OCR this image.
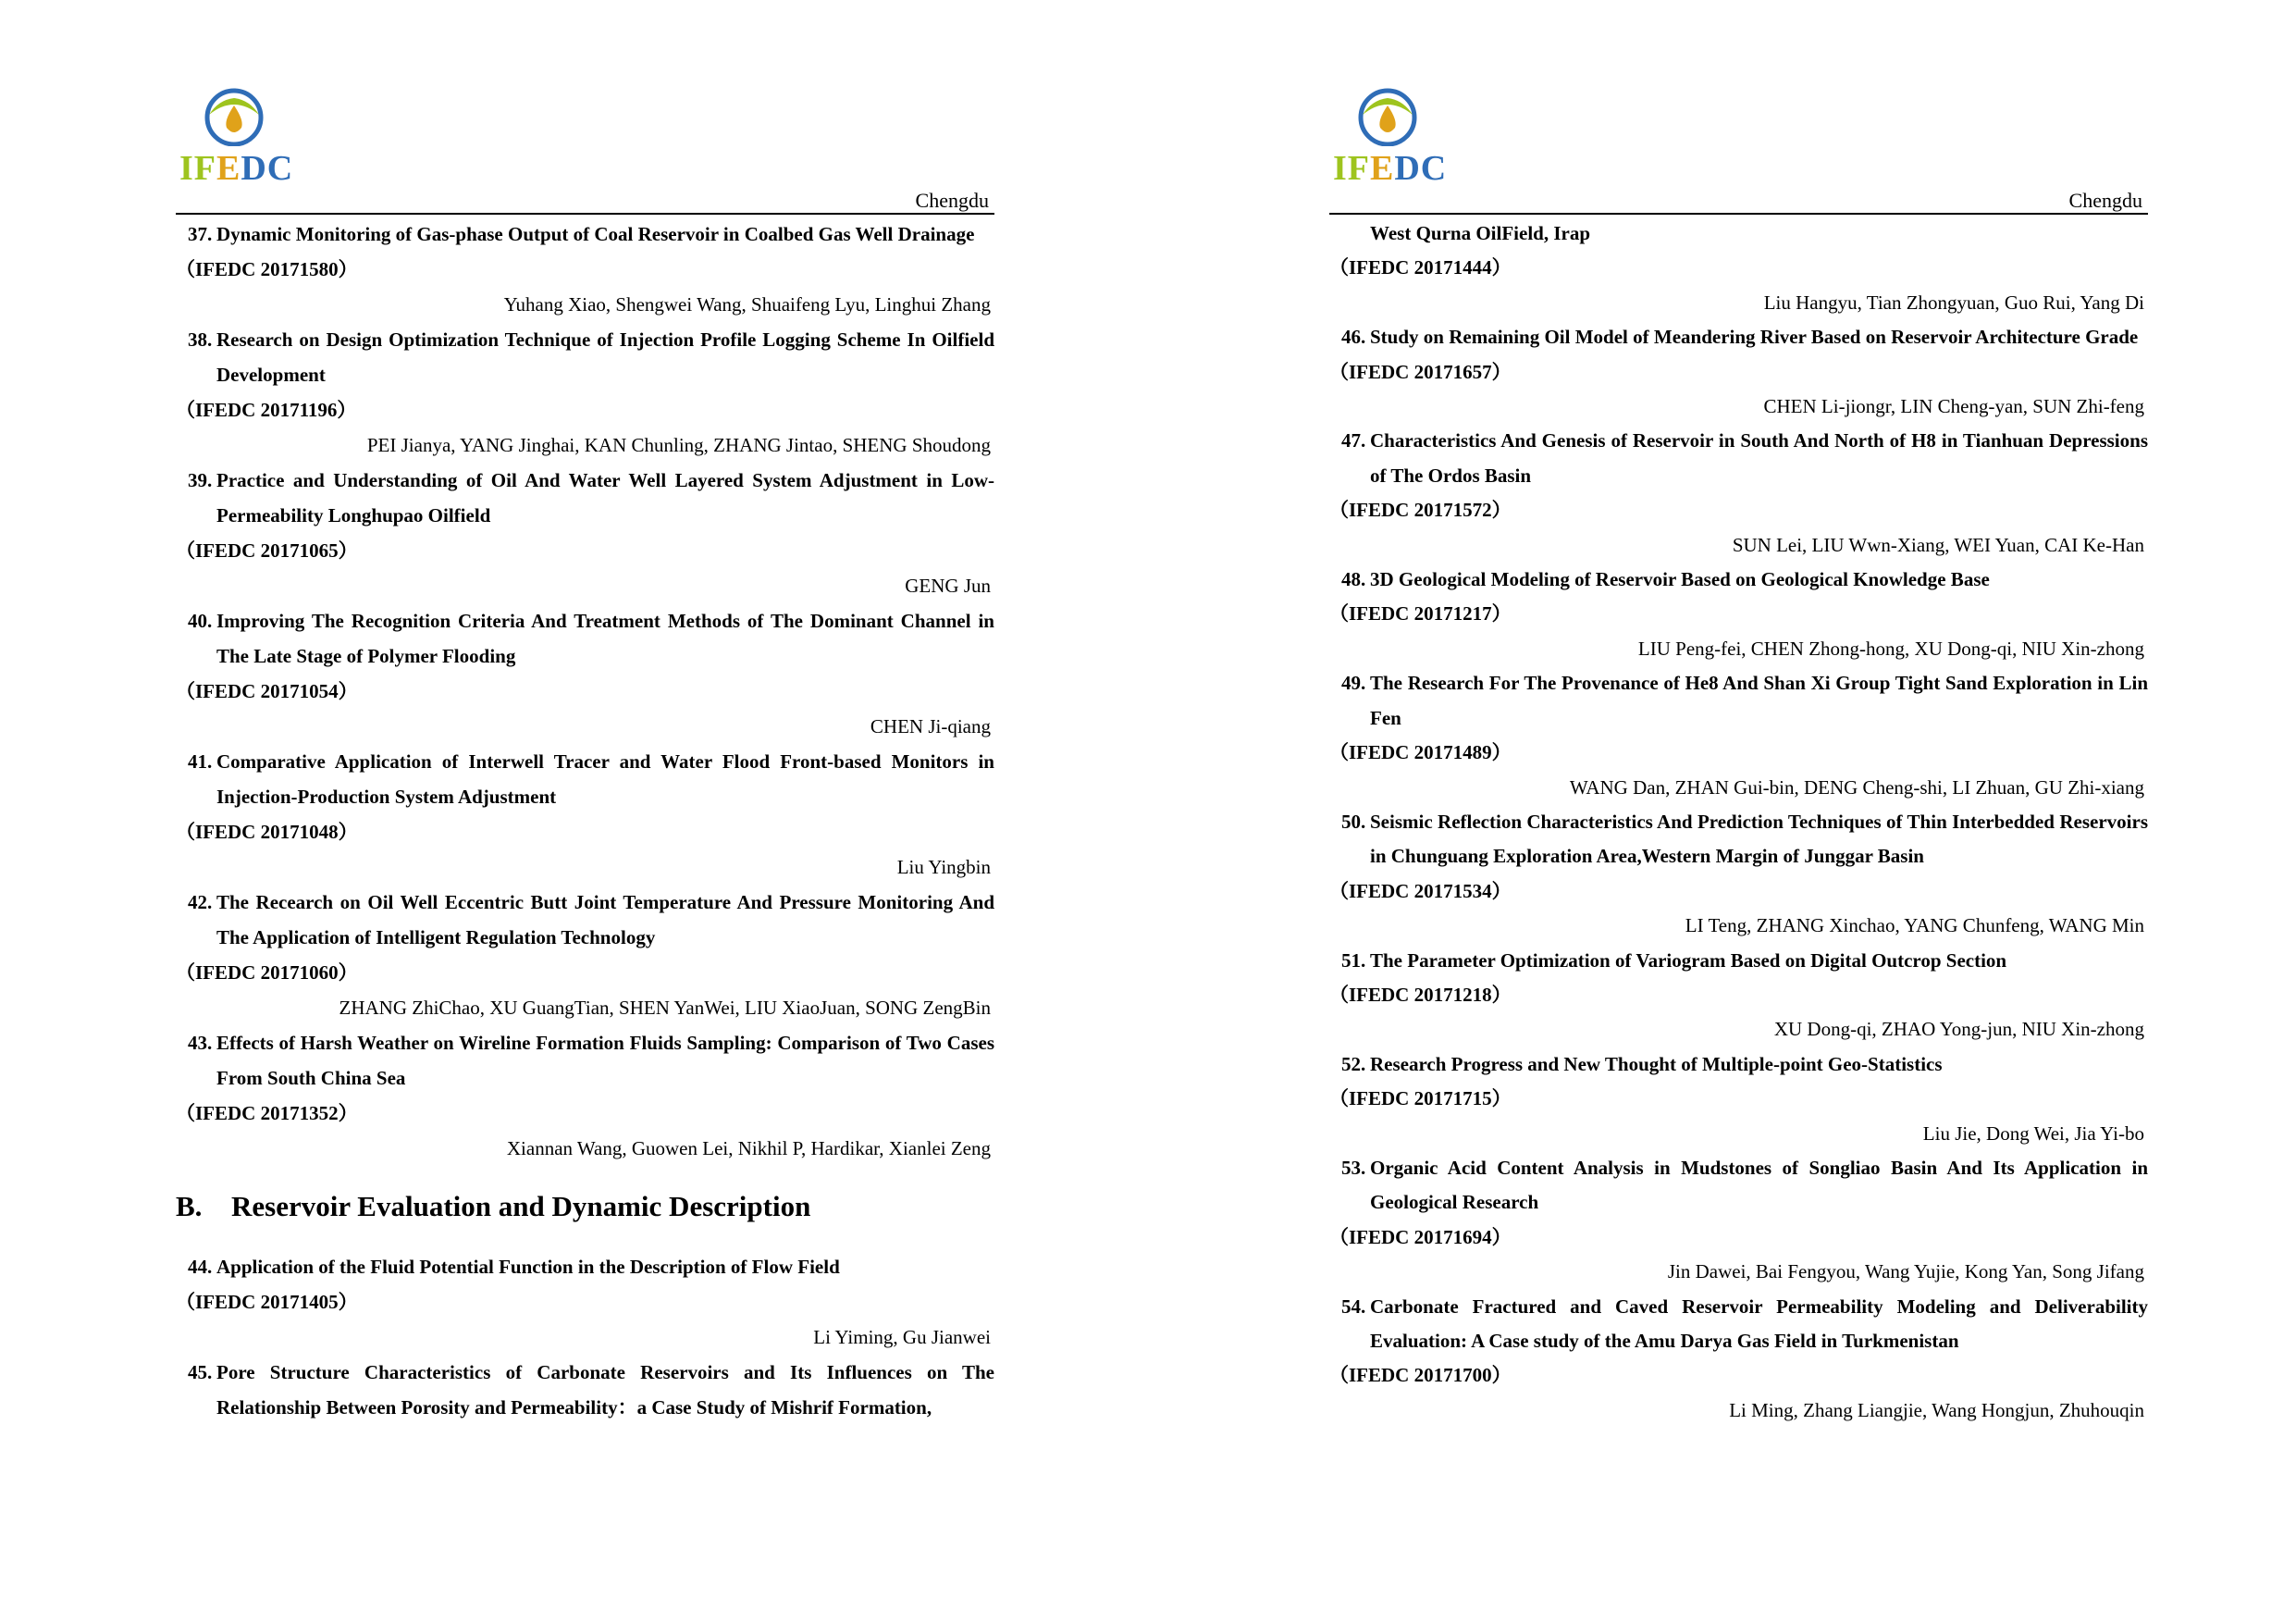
IFEDC
Chengdu
37. Dynamic Monitoring of Gas-phase Output of Coal Reservoir in Coalbed Gas Well Drainage
（IFEDC 20171580）
Yuhang Xiao, Shengwei Wang, Shuaifeng Lyu, Linghui Zhang
38. Research on Design Optimization Technique of Injection Profile Logging Scheme In Oilfield Development
（IFEDC 20171196）
PEI Jianya, YANG Jinghai, KAN Chunling, ZHANG Jintao, SHENG Shoudong
39. Practice and Understanding of Oil And Water Well Layered System Adjustment in Low-Permeability Longhupao Oilfield
（IFEDC 20171065）
GENG Jun
40. Improving The Recognition Criteria And Treatment Methods of The Dominant Channel in The Late Stage of Polymer Flooding
（IFEDC 20171054）
CHEN Ji-qiang
41. Comparative Application of Interwell Tracer and Water Flood Front-based Monitors in Injection-Production System Adjustment
（IFEDC 20171048）
Liu Yingbin
42. The Recearch on Oil Well Eccentric Butt Joint Temperature And Pressure Monitoring And The Application of Intelligent Regulation Technology
（IFEDC 20171060）
ZHANG ZhiChao, XU GuangTian, SHEN YanWei, LIU XiaoJuan, SONG ZengBin
43. Effects of Harsh Weather on Wireline Formation Fluids Sampling: Comparison of Two Cases From South China Sea
（IFEDC 20171352）
Xiannan Wang, Guowen Lei, Nikhil P, Hardikar, Xianlei Zeng
B. Reservoir Evaluation and Dynamic Description
44. Application of the Fluid Potential Function in the Description of Flow Field
（IFEDC 20171405）
Li Yiming, Gu Jianwei
45. Pore Structure Characteristics of Carbonate Reservoirs and Its Influences on The Relationship Between Porosity and Permeability：a Case Study of Mishrif Formation,
IFEDC
Chengdu
West Qurna OilField, Irap
（IFEDC 20171444）
Liu Hangyu, Tian Zhongyuan, Guo Rui, Yang Di
46. Study on Remaining Oil Model of Meandering River Based on Reservoir Architecture Grade
（IFEDC 20171657）
CHEN Li-jiongr, LIN Cheng-yan, SUN Zhi-feng
47. Characteristics And Genesis of Reservoir in South And North of H8 in Tianhuan Depressions of The Ordos Basin
（IFEDC 20171572）
SUN Lei, LIU Wwn-Xiang, WEI Yuan, CAI Ke-Han
48. 3D Geological Modeling of Reservoir Based on Geological Knowledge Base
（IFEDC 20171217）
LIU Peng-fei, CHEN Zhong-hong, XU Dong-qi, NIU Xin-zhong
49. The Research For The Provenance of He8 And Shan Xi Group Tight Sand Exploration in Lin Fen
（IFEDC 20171489）
WANG Dan, ZHAN Gui-bin, DENG Cheng-shi, LI Zhuan, GU Zhi-xiang
50. Seismic Reflection Characteristics And Prediction Techniques of Thin Interbedded Reservoirs in Chunguang Exploration Area,Western Margin of Junggar Basin
（IFEDC 20171534）
LI Teng, ZHANG Xinchao, YANG Chunfeng, WANG Min
51. The Parameter Optimization of Variogram Based on Digital Outcrop Section
（IFEDC 20171218）
XU Dong-qi, ZHAO Yong-jun, NIU Xin-zhong
52. Research Progress and New Thought of Multiple-point Geo-Statistics
（IFEDC 20171715）
Liu Jie, Dong Wei, Jia Yi-bo
53. Organic Acid Content Analysis in Mudstones of Songliao Basin And Its Application in Geological Research
（IFEDC 20171694）
Jin Dawei, Bai Fengyou, Wang Yujie, Kong Yan, Song Jifang
54. Carbonate Fractured and Caved Reservoir Permeability Modeling and Deliverability Evaluation: A Case study of the Amu Darya Gas Field in Turkmenistan
（IFEDC 20171700）
Li Ming, Zhang Liangjie, Wang Hongjun, Zhuhouqin
